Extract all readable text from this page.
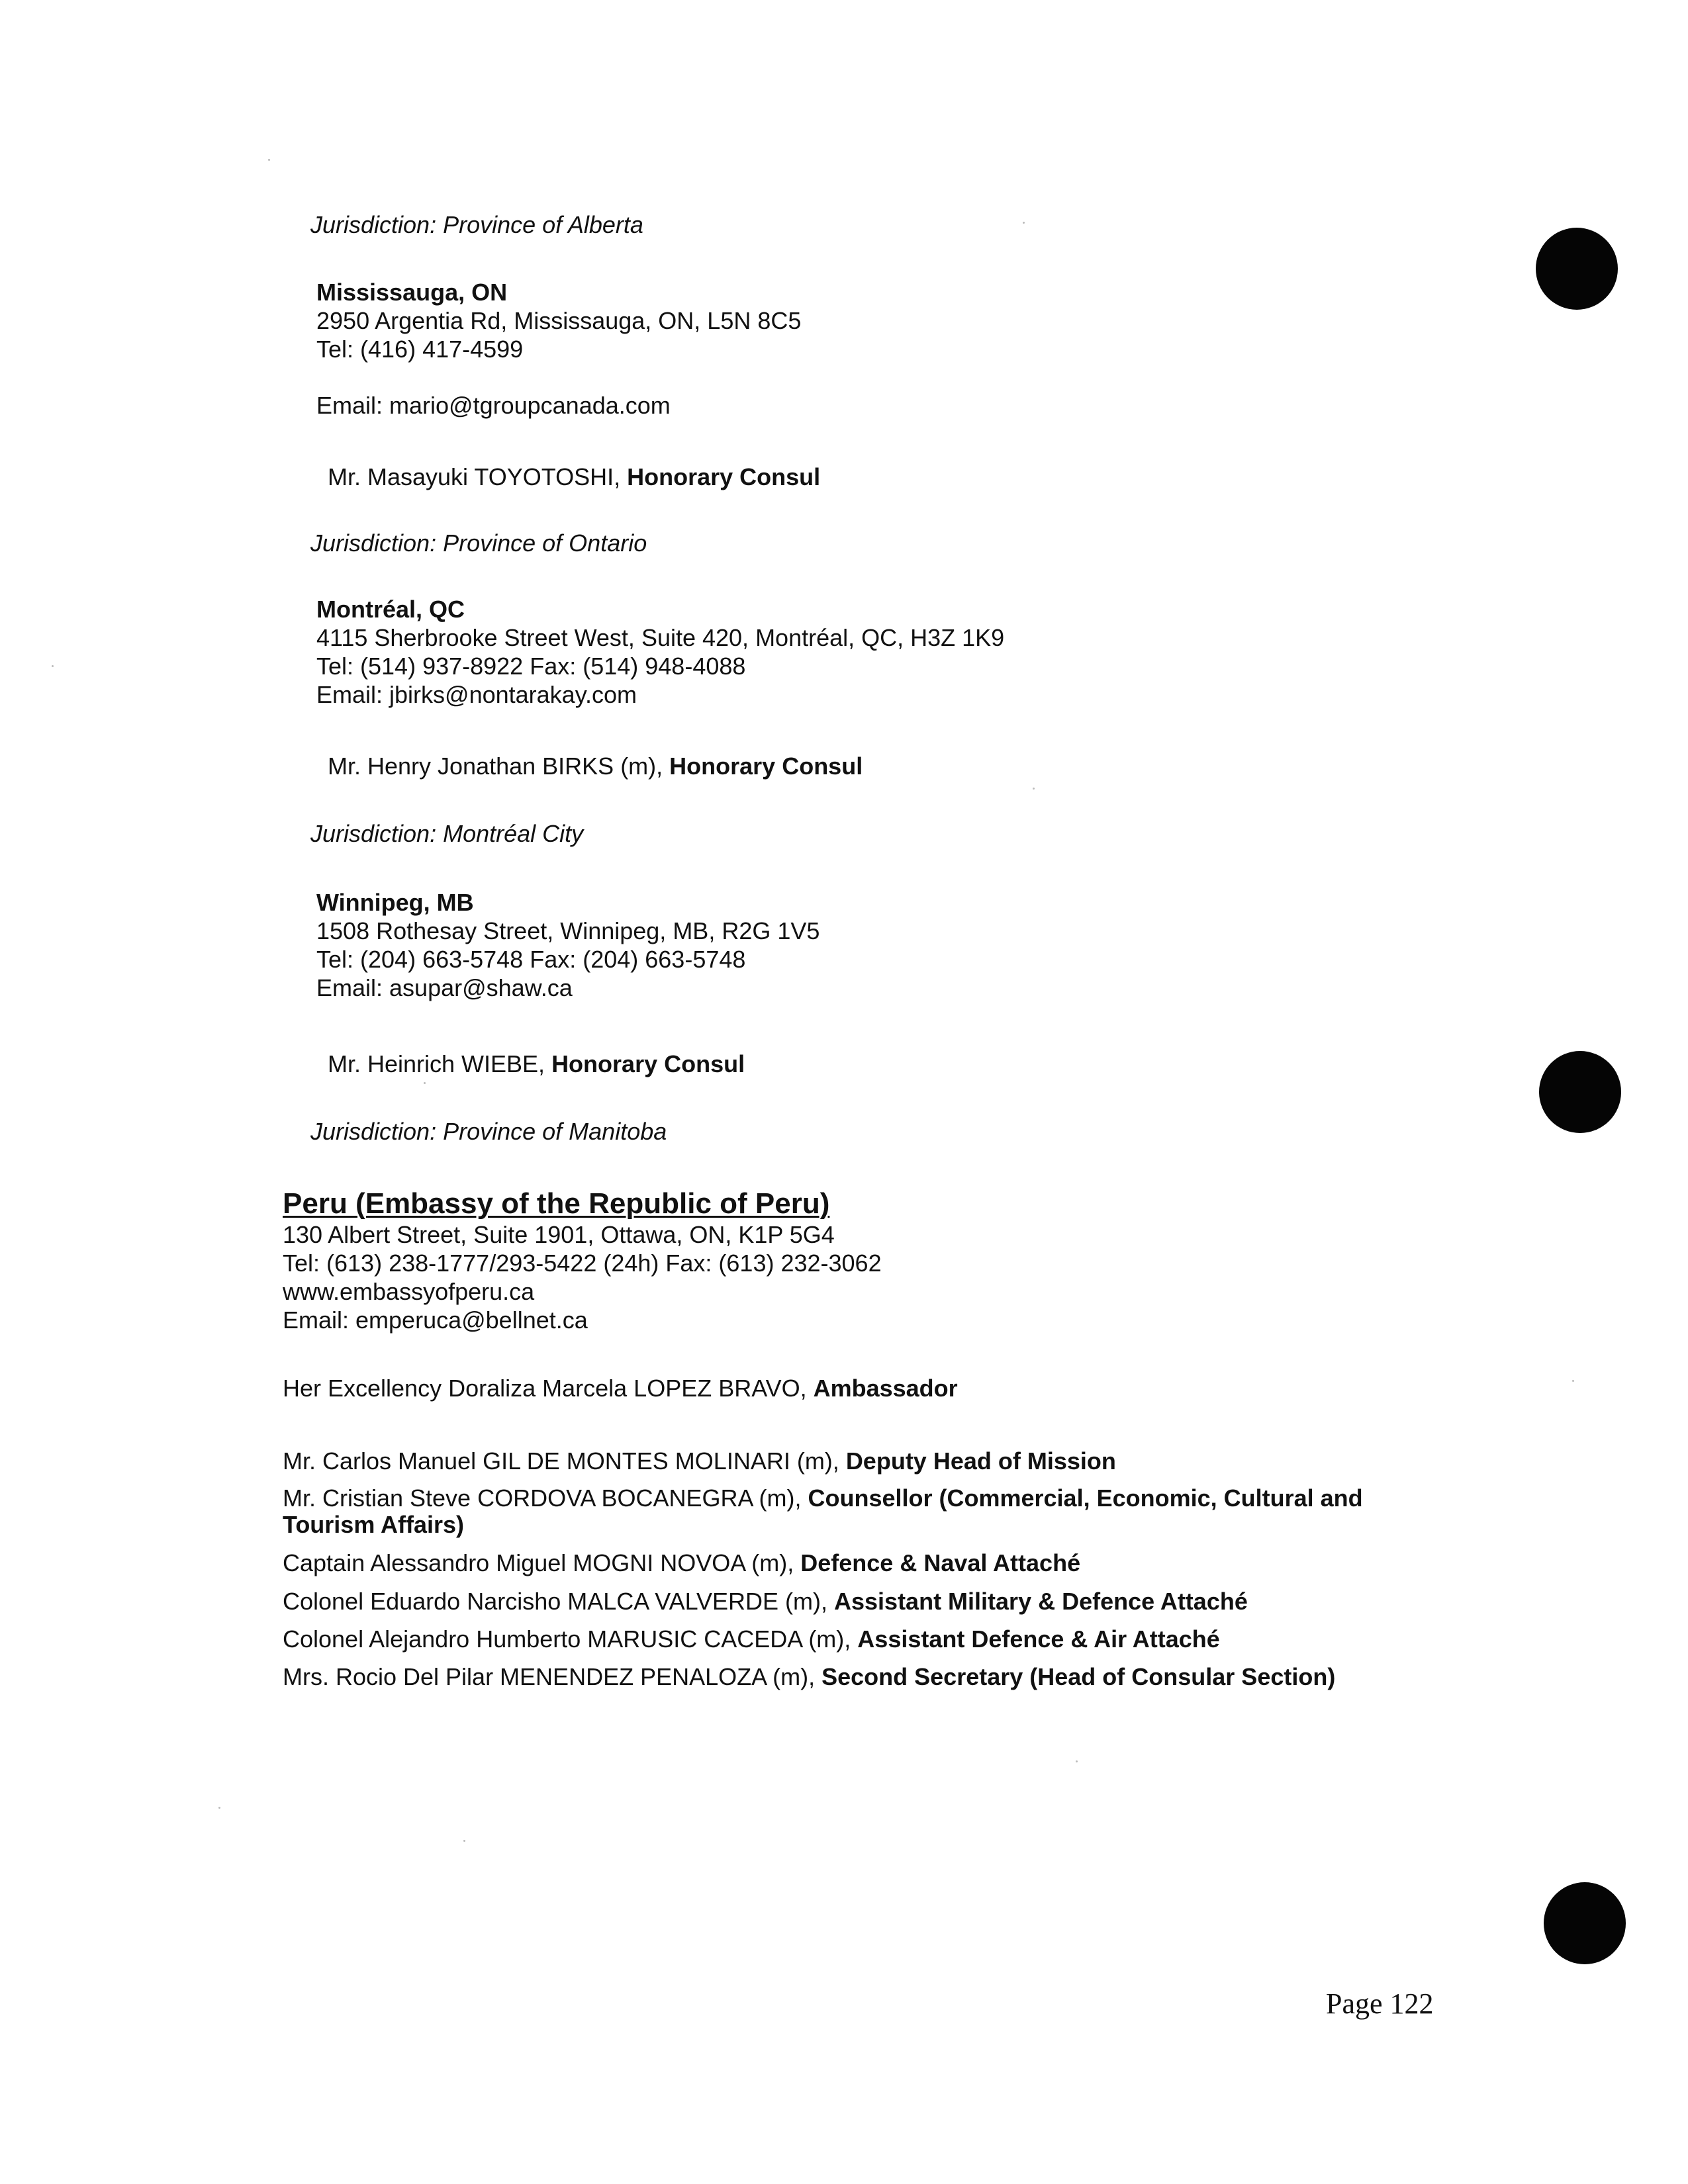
Jurisdiction: Province of Alberta
Mississauga, ON
2950 Argentia Rd, Mississauga, ON, L5N 8C5
Tel: (416) 417-4599
Email: mario@tgroupcanada.com
Mr. Masayuki TOYOTOSHI, Honorary Consul
Jurisdiction: Province of Ontario
Montréal, QC
4115 Sherbrooke Street West, Suite 420, Montréal, QC, H3Z 1K9
Tel: (514) 937-8922 Fax: (514) 948-4088
Email: jbirks@nontarakay.com
Mr. Henry Jonathan BIRKS (m), Honorary Consul
Jurisdiction: Montréal City
Winnipeg, MB
1508 Rothesay Street, Winnipeg, MB, R2G 1V5
Tel: (204) 663-5748 Fax: (204) 663-5748
Email: asupar@shaw.ca
Mr. Heinrich WIEBE, Honorary Consul
Jurisdiction: Province of Manitoba
Peru (Embassy of the Republic of Peru)
130 Albert Street, Suite 1901, Ottawa, ON, K1P 5G4
Tel: (613) 238-1777/293-5422 (24h) Fax: (613) 232-3062
www.embassyofperu.ca
Email: emperuca@bellnet.ca
Her Excellency Doraliza Marcela LOPEZ BRAVO, Ambassador
Mr. Carlos Manuel GIL DE MONTES MOLINARI (m), Deputy Head of Mission
Mr. Cristian Steve CORDOVA BOCANEGRA (m), Counsellor (Commercial, Economic, Cultural and
Tourism Affairs)
Captain Alessandro Miguel MOGNI NOVOA (m), Defence & Naval Attaché
Colonel Eduardo Narcisho MALCA VALVERDE (m), Assistant Military & Defence Attaché
Colonel Alejandro Humberto MARUSIC CACEDA (m), Assistant Defence & Air Attaché
Mrs. Rocio Del Pilar MENENDEZ PENALOZA (m), Second Secretary (Head of Consular Section)
Page 122
